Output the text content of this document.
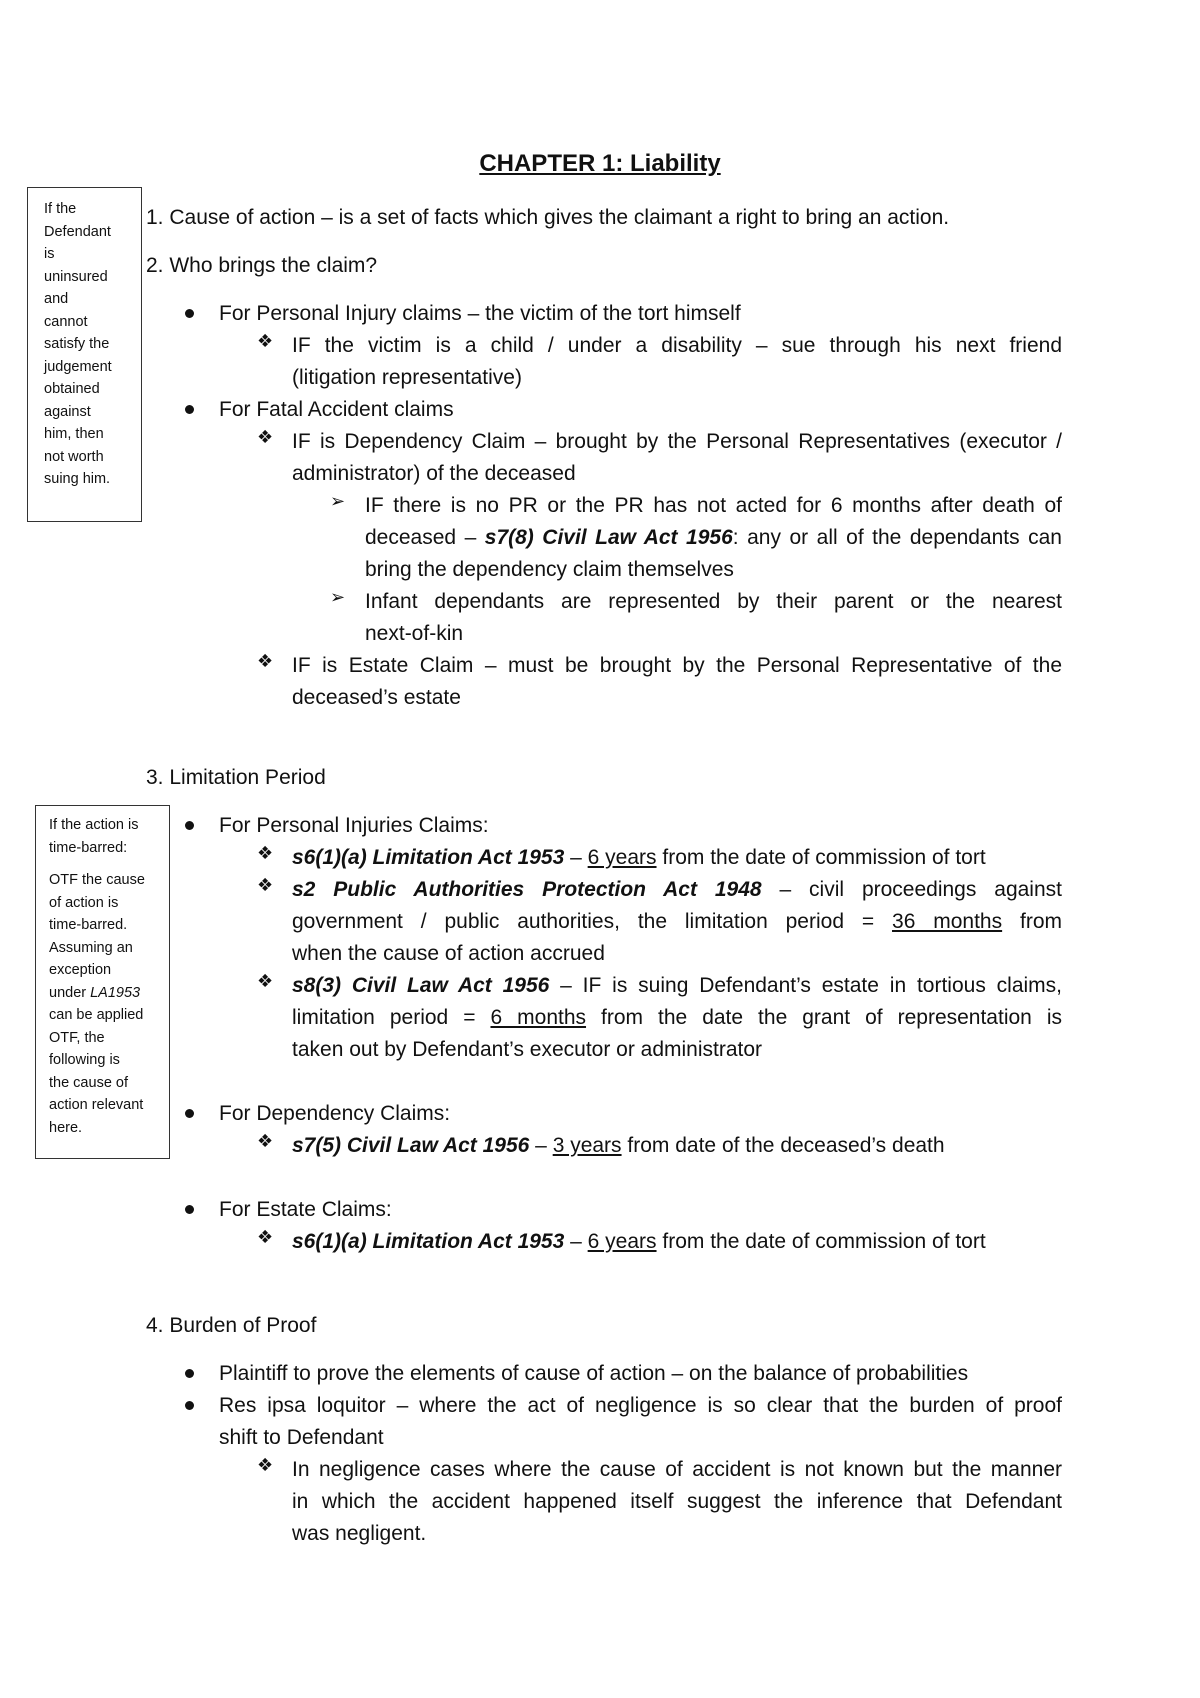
CHAPTER 1: Liability

If the

Defendant

is

uninsured

and

cannot

satisfy the

judgement

obtained

against

him, then

not worth

suing him.

If the action is

time-barred:

OTF the cause

of action is

time-barred.

Assuming an

exception

under LA1953

can be applied

OTF, the

following is

the cause of

action relevant

here.

1. Cause of action – is a set of facts which gives the claimant a right to bring an action.
2. Who brings the claim?
For Personal Injury claims – the victim of the tort himself
❖ IF the victim is a child / under a disability – sue through his next friend
(litigation representative)
For Fatal Accident claims
❖ IF is Dependency Claim – brought by the Personal Representatives (executor /
administrator) of the deceased
➢ IF there is no PR or the PR has not acted for 6 months after death of
deceased – s7(8) Civil Law Act 1956: any or all of the dependants can
bring the dependency claim themselves
➢ Infant dependants are represented by their parent or the nearest
next-of-kin
❖ IF is Estate Claim – must be brought by the Personal Representative of the
deceased’s estate
3. Limitation Period
For Personal Injuries Claims:
❖ s6(1)(a) Limitation Act 1953 – 6 years from the date of commission of tort
❖ s2 Public Authorities Protection Act 1948 – civil proceedings against
government / public authorities, the limitation period = 36 months from
when the cause of action accrued
❖ s8(3) Civil Law Act 1956 – IF is suing Defendant’s estate in tortious claims,
limitation period = 6 months from the date the grant of representation is
taken out by Defendant’s executor or administrator
For Dependency Claims:
❖ s7(5) Civil Law Act 1956 – 3 years from date of the deceased’s death
For Estate Claims:
❖ s6(1)(a) Limitation Act 1953 – 6 years from the date of commission of tort
4. Burden of Proof
Plaintiff to prove the elements of cause of action – on the balance of probabilities
Res ipsa loquitor – where the act of negligence is so clear that the burden of proof
shift to Defendant
❖ In negligence cases where the cause of accident is not known but the manner
in which the accident happened itself suggest the inference that Defendant
was negligent.
